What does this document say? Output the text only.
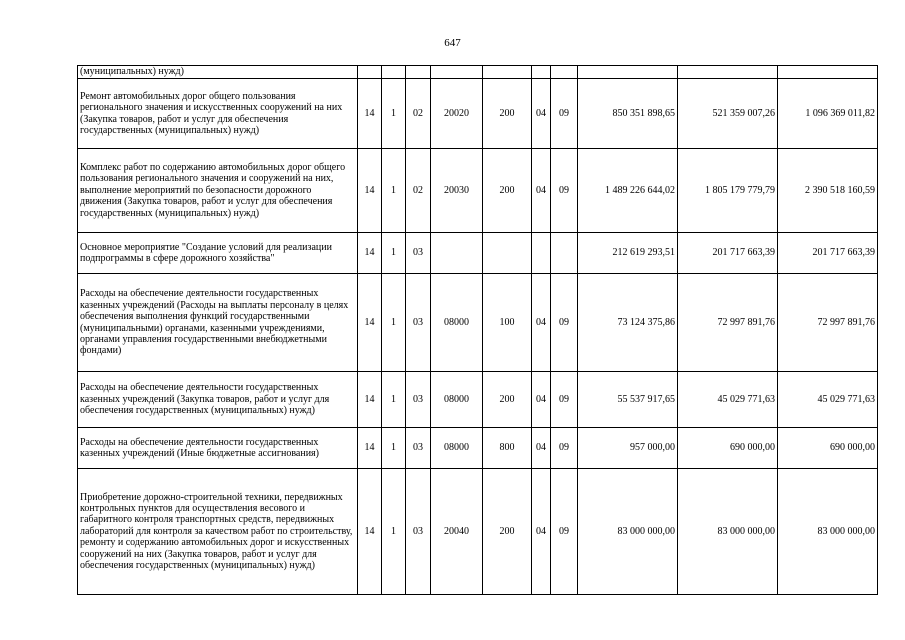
647
(муниципальных) нужд)										
Ремонт автомобильных дорог общего пользования регионального значения и искусственных сооружений на них (Закупка товаров, работ и услуг для обеспечения государственных (муниципальных) нужд)	14	1	02	20020	200	04	09	850 351 898,65	521 359 007,26	1 096 369 011,82
Комплекс работ по содержанию автомобильных дорог общего пользования регионального значения и сооружений на них, выполнение мероприятий по безопасности дорожного движения (Закупка товаров, работ и услуг для обеспечения государственных (муниципальных) нужд)	14	1	02	20030	200	04	09	1 489 226 644,02	1 805 179 779,79	2 390 518 160,59
Основное мероприятие "Создание условий для реализации подпрограммы в сфере дорожного хозяйства"	14	1	03					212 619 293,51	201 717 663,39	201 717 663,39
Расходы на обеспечение деятельности государственных казенных учреждений (Расходы на выплаты персоналу в целях обеспечения выполнения функций государственными (муниципальными) органами, казенными учреждениями, органами управления государственными внебюджетными фондами)	14	1	03	08000	100	04	09	73 124 375,86	72 997 891,76	72 997 891,76
Расходы на обеспечение деятельности государственных казенных учреждений (Закупка товаров, работ и услуг для обеспечения государственных (муниципальных) нужд)	14	1	03	08000	200	04	09	55 537 917,65	45 029 771,63	45 029 771,63
Расходы на обеспечение деятельности государственных казенных учреждений (Иные бюджетные ассигнования)	14	1	03	08000	800	04	09	957 000,00	690 000,00	690 000,00
Приобретение дорожно-строительной техники, передвижных контрольных пунктов для осуществления весового и габаритного контроля транспортных средств, передвижных лабораторий для контроля за качеством работ по строительству, ремонту и содержанию автомобильных дорог и искусственных сооружений на них (Закупка товаров, работ и услуг для обеспечения государственных (муниципальных) нужд)	14	1	03	20040	200	04	09	83 000 000,00	83 000 000,00	83 000 000,00
